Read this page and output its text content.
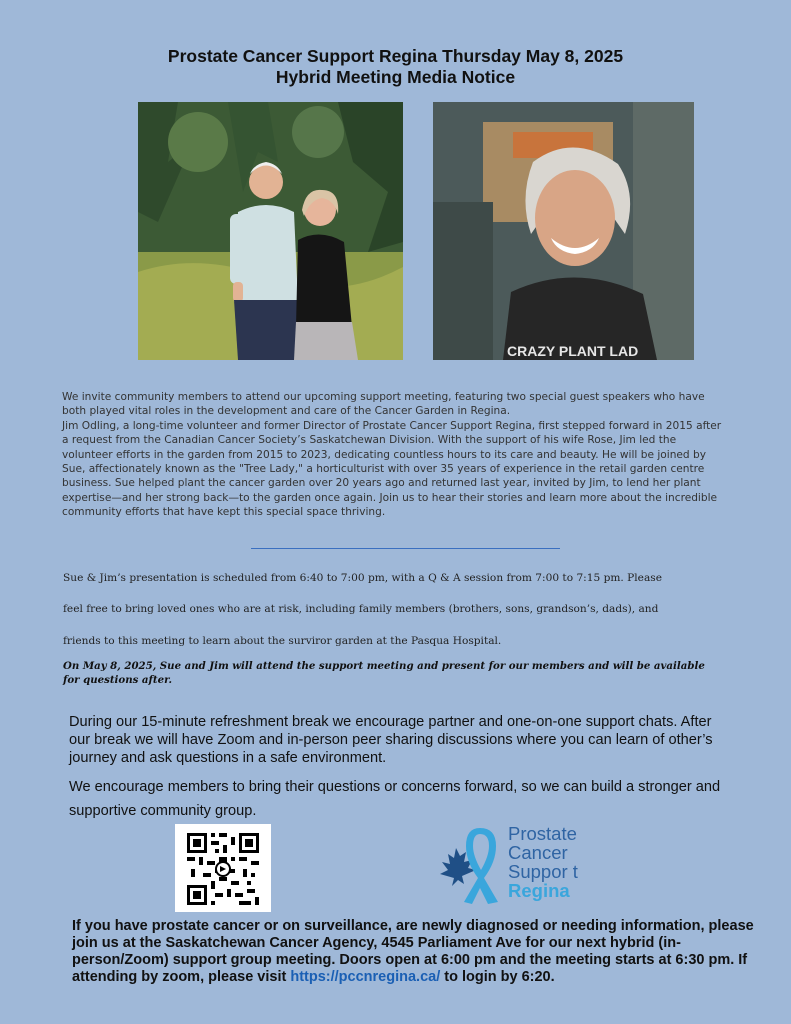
Prostate Cancer Support Regina Thursday May 8, 2025
Hybrid Meeting Media Notice
CRAZY PLANT LAD

We invite community members to attend our upcoming support meeting, featuring two special guest speakers who have both played vital roles in the development and care of the Cancer Garden in Regina.

Jim Odling, a long-time volunteer and former Director of Prostate Cancer Support Regina, first stepped forward in 2015 after a request from the Canadian Cancer Society’s Saskatchewan Division. With the support of his wife Rose, Jim led the volunteer efforts in the garden from 2015 to 2023, dedicating countless hours to its care and beauty. He will be joined by Sue, affectionately known as the "Tree Lady," a horticulturist with over 35 years of experience in the retail garden centre business. Sue helped plant the cancer garden over 20 years ago and returned last year, invited by Jim, to lend her plant expertise—and her strong back—to the garden once again. Join us to hear their stories and learn more about the incredible community efforts that have kept this special space thriving.

Sue & Jim’s presentation is scheduled from 6:40 to 7:00 pm, with a Q & A session from 7:00 to 7:15 pm. Please
feel free to bring loved ones who are at risk, including family members (brothers, sons, grandson’s, dads), and
friends to this meeting to learn about the surviror garden at the Pasqua Hospital.
On May 8, 2025, Sue and Jim will attend the support meeting and present for our members and will be available for questions after.
During our 15-minute refreshment break we encourage partner and one-on-one support chats. After our break we will have Zoom and in-person peer sharing discussions where you can learn of other’s journey and ask questions in a safe environment.
We encourage members to bring their questions or concerns forward, so we can build a stronger and supportive community group.
Prostate
Cancer
Suppor t
Regina
If you have prostate cancer or on surveillance, are newly diagnosed or needing information, please join us at the Saskatchewan Cancer Agency, 4545 Parliament Ave for our next hybrid (in-person/Zoom) support group meeting. Doors open at 6:00 pm and the meeting starts at 6:30 pm. If attending by zoom, please visit https://pccnregina.ca/ to login by 6:20.
